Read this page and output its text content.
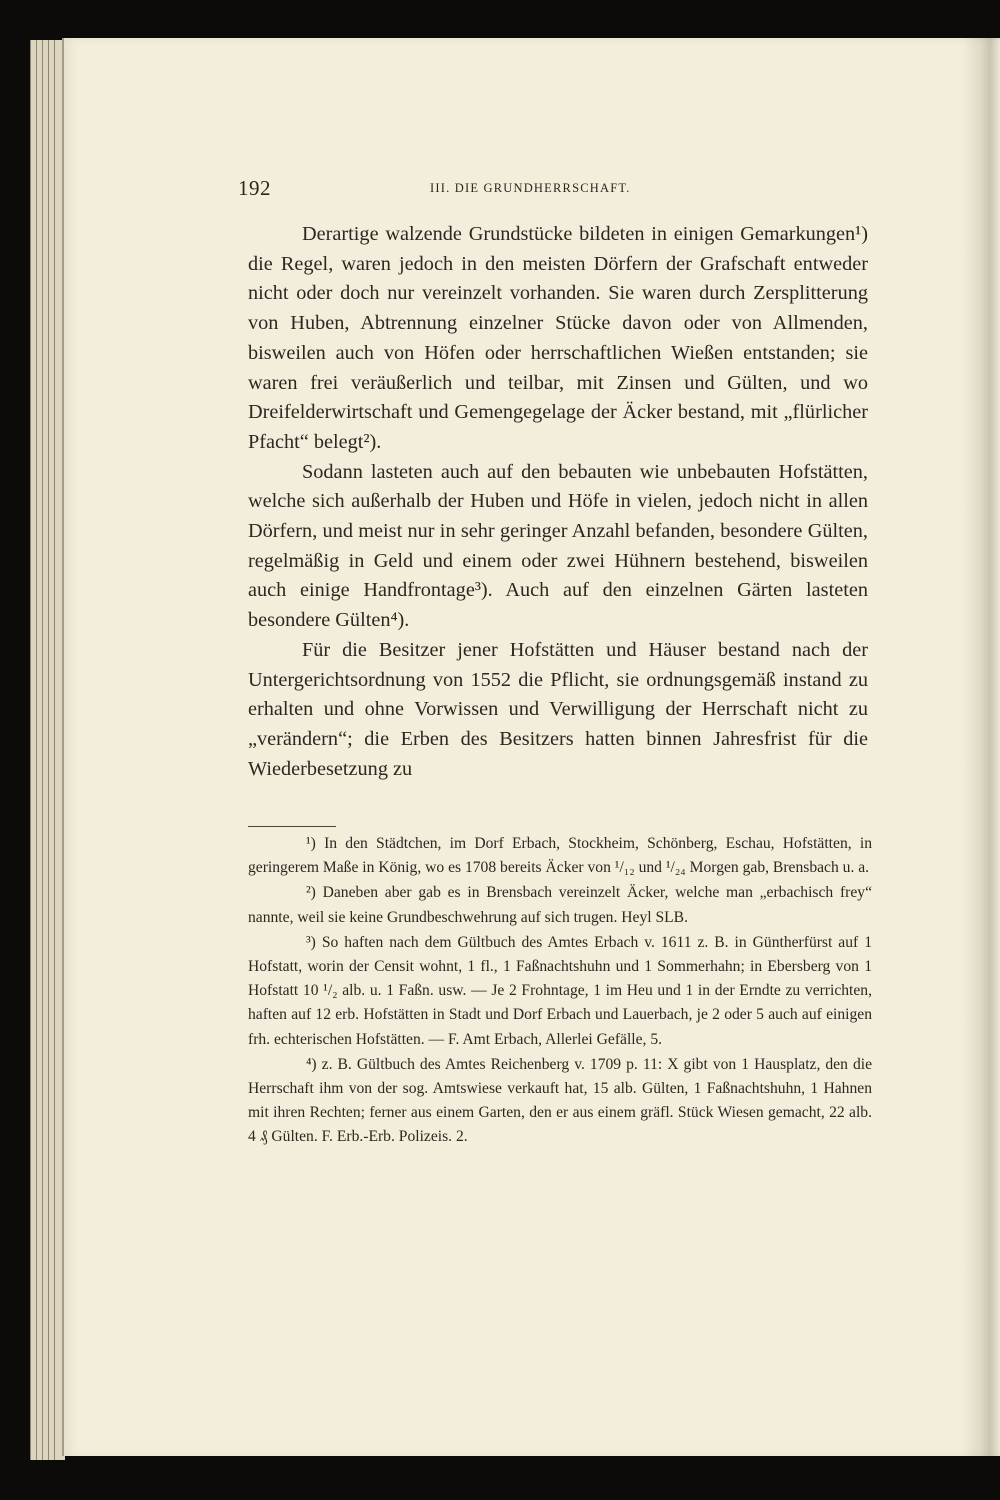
192	III. DIE GRUNDHERRSCHAFT.

Derartige walzende Grundstücke bildeten in einigen Gemarkungen¹) die Regel, waren jedoch in den meisten Dörfern der Grafschaft entweder nicht oder doch nur vereinzelt vorhanden. Sie waren durch Zersplitterung von Huben, Abtrennung einzelner Stücke davon oder von Allmenden, bisweilen auch von Höfen oder herrschaftlichen Wießen entstanden; sie waren frei veräußerlich und teilbar, mit Zinsen und Gülten, und wo Dreifelderwirtschaft und Gemengegelage der Äcker bestand, mit „flürlicher Pfacht“ belegt²).

Sodann lasteten auch auf den bebauten wie unbebauten Hofstätten, welche sich außerhalb der Huben und Höfe in vielen, jedoch nicht in allen Dörfern, und meist nur in sehr geringer Anzahl befanden, besondere Gülten, regelmäßig in Geld und einem oder zwei Hühnern bestehend, bisweilen auch einige Handfrontage³). Auch auf den einzelnen Gärten lasteten besondere Gülten⁴).

Für die Besitzer jener Hofstätten und Häuser bestand nach der Untergerichtsordnung von 1552 die Pflicht, sie ordnungsgemäß instand zu erhalten und ohne Vorwissen und Verwilligung der Herrschaft nicht zu „verändern“; die Erben des Besitzers hatten binnen Jahresfrist für die Wiederbesetzung zu

¹) In den Städtchen, im Dorf Erbach, Stockheim, Schönberg, Eschau, Hofstätten, in geringerem Maße in König, wo es 1708 bereits Äcker von ¹/₁₂ und ¹/₂₄ Morgen gab, Brensbach u. a.

²) Daneben aber gab es in Brensbach vereinzelt Äcker, welche man „erbachisch frey“ nannte, weil sie keine Grundbeschwehrung auf sich trugen. Heyl SLB.

³) So haften nach dem Gültbuch des Amtes Erbach v. 1611 z. B. in Güntherfürst auf 1 Hofstatt, worin der Censit wohnt, 1 fl., 1 Faßnachtshuhn und 1 Sommerhahn; in Ebersberg von 1 Hofstatt 10 ¹/₂ alb. u. 1 Faßn. usw. — Je 2 Frohntage, 1 im Heu und 1 in der Erndte zu verrichten, haften auf 12 erb. Hofstätten in Stadt und Dorf Erbach und Lauerbach, je 2 oder 5 auch auf einigen frh. echterischen Hofstätten. — F. Amt Erbach, Allerlei Gefälle, 5.

⁴) z. B. Gültbuch des Amtes Reichenberg v. 1709 p. 11: X gibt von 1 Hausplatz, den die Herrschaft ihm von der sog. Amtswiese verkauft hat, 15 alb. Gülten, 1 Faßnachtshuhn, 1 Hahnen mit ihren Rechten; ferner aus einem Garten, den er aus einem gräfl. Stück Wiesen gemacht, 22 alb. 4 ₰ Gülten. F. Erb.-Erb. Polizeis. 2.
